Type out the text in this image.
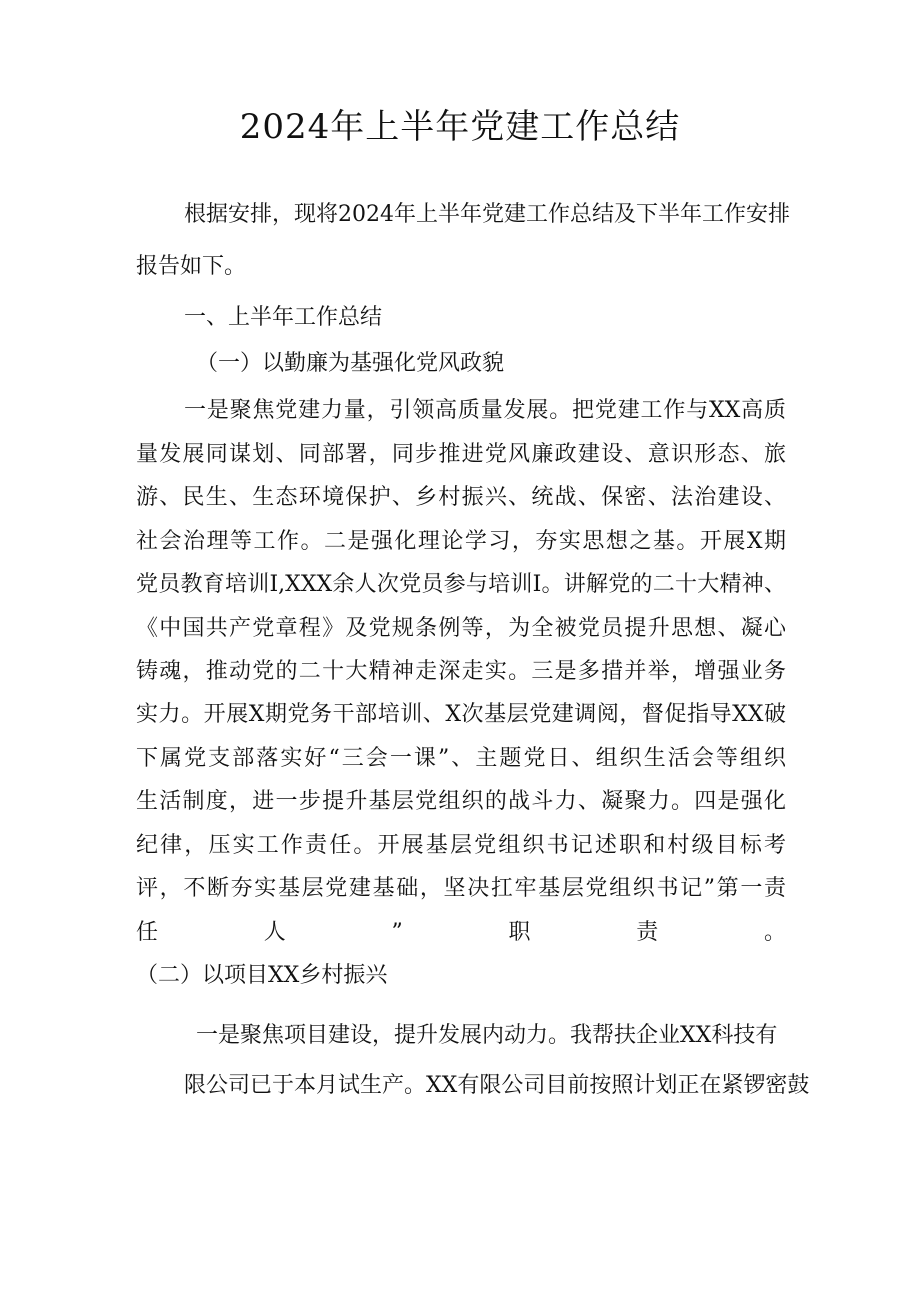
2024年上半年党建工作总结
根据安排，现将2024年上半年党建工作总结及下半年工作安排
报告如下。
一、上半年工作总结
（一）以勤廉为基强化党风政貌
一是聚焦党建力量，引领高质量发展。把党建工作与XX高质
量发展同谋划、同部署，同步推进党风廉政建设、意识形态、旅
游、民生、生态环境保护、乡村振兴、统战、保密、法治建设、
社会治理等工作。二是强化理论学习，夯实思想之基。开展X期
党员教育培训I,XXX余人次党员参与培训I。讲解党的二十大精神、
《中国共产党章程》及党规条例等，为全被党员提升思想、凝心
铸魂，推动党的二十大精神走深走实。三是多措并举，增强业务
实力。开展X期党务干部培训、X次基层党建调阅，督促指导XX破
下属党支部落实好“三会一课”、主题党日、组织生活会等组织
生活制度，进一步提升基层党组织的战斗力、凝聚力。四是强化
纪律，压实工作责任。开展基层党组织书记述职和村级目标考
评，不断夯实基层党建基础，坚决扛牢基层党组织书记”第一责
任人”职责。
（二）以项目XX乡村振兴
一是聚焦项目建设，提升发展内动力。我帮扶企业XX科技有
限公司已于本月试生产。XX有限公司目前按照计划正在紧锣密鼓
